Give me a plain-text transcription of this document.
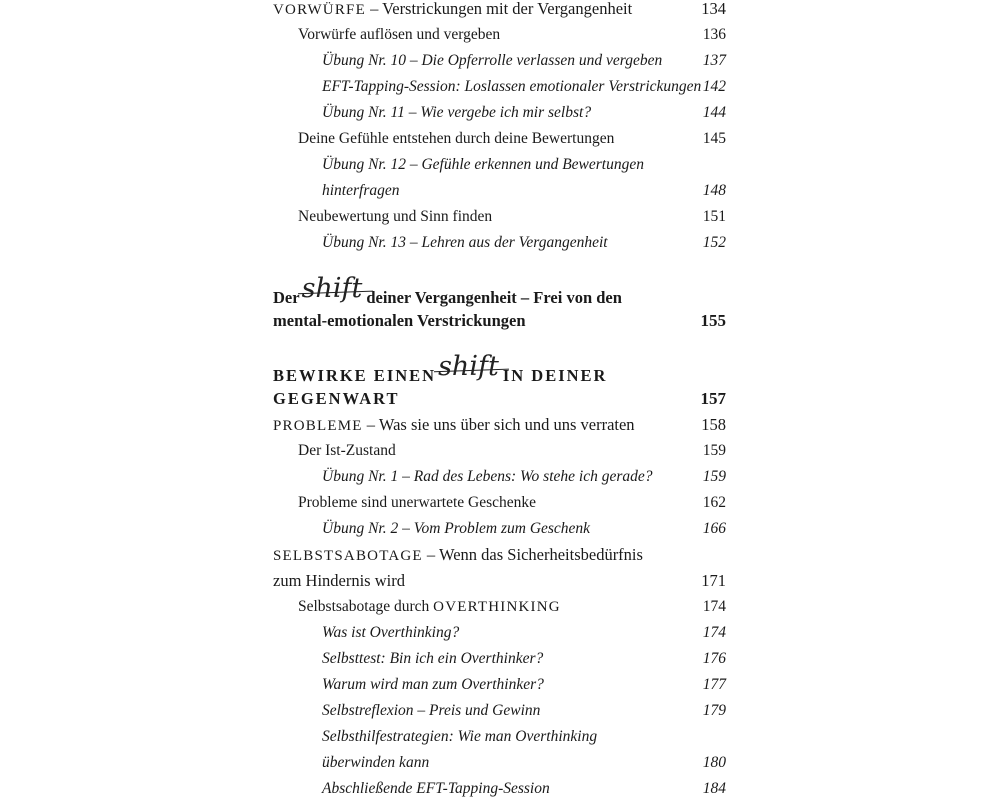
VORWÜRFE – Verstrickungen mit der Vergangenheit	134
Vorwürfe auflösen und vergeben	136
Übung Nr. 10 – Die Opferrolle verlassen und vergeben	137
EFT-Tapping-Session: Loslassen emotionaler Verstrickungen 142
Übung Nr. 11 – Wie vergebe ich mir selbst?	144
Deine Gefühle entstehen durch deine Bewertungen	145
Übung Nr. 12 – Gefühle erkennen und Bewertungen
hinterfragen	148
Neubewertung und Sinn finden	151
Übung Nr. 13 – Lehren aus der Vergangenheit	152
Dershift deiner Vergangenheit – Frei von den
mental-emotionalen Verstrickungen	155
BEWIRKE EINENshift IN DEINER
GEGENWART	157
PROBLEME – Was sie uns über sich und uns verraten	158
Der Ist-Zustand	159
Übung Nr. 1 – Rad des Lebens: Wo stehe ich gerade?	159
Probleme sind unerwartete Geschenke	162
Übung Nr. 2 – Vom Problem zum Geschenk	166
SELBSTSABOTAGE – Wenn das Sicherheitsbedürfnis
zum Hindernis wird	171
Selbstsabotage durch OVERTHINKING	174
Was ist Overthinking?	174
Selbsttest: Bin ich ein Overthinker?	176
Warum wird man zum Overthinker?	177
Selbstreflexion – Preis und Gewinn	179
Selbsthilfestrategien: Wie man Overthinking
überwinden kann	180
Abschließende EFT-Tapping-Session	184
